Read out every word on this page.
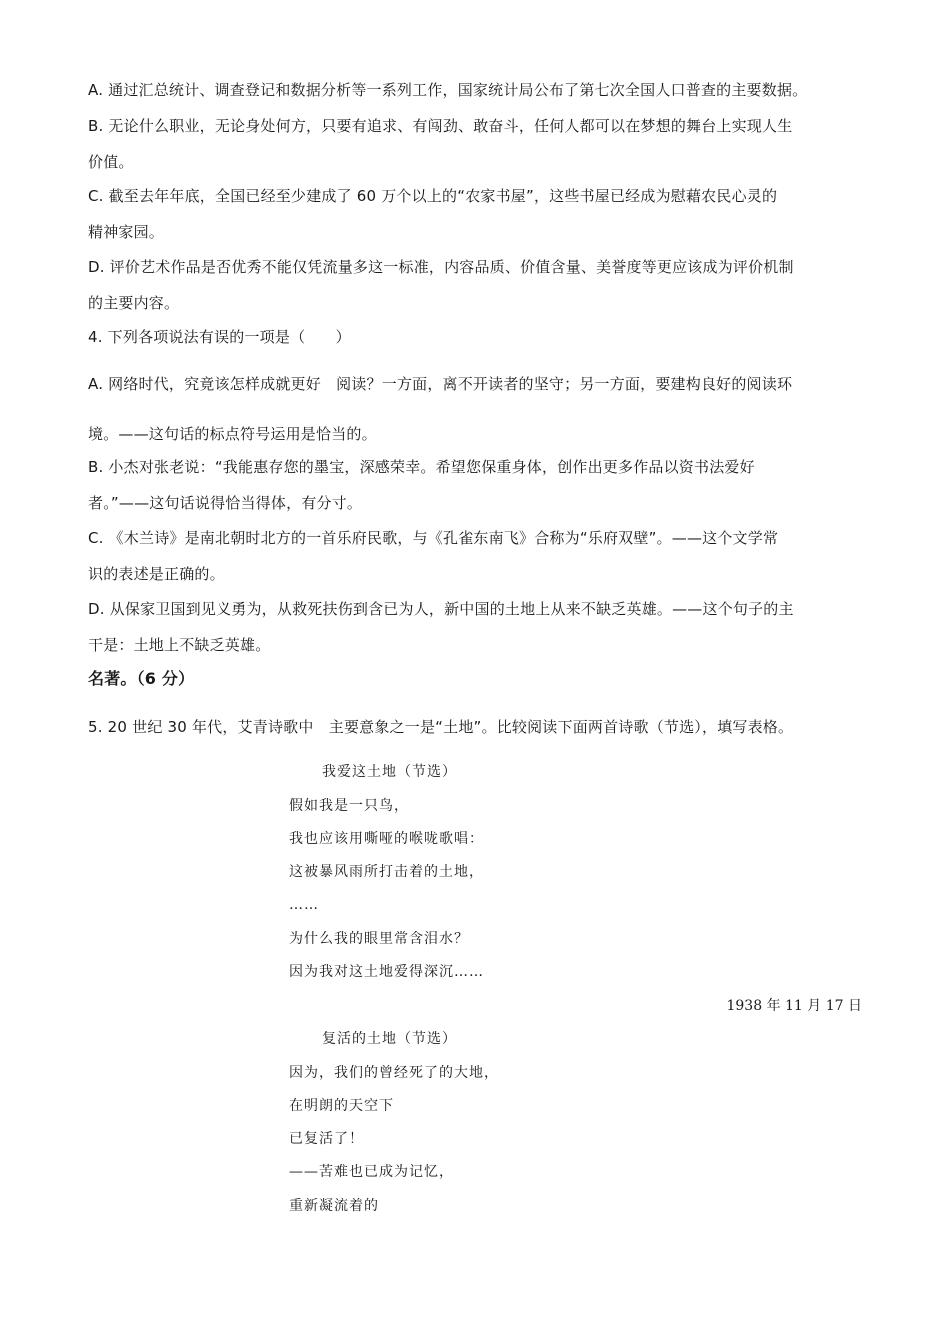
A. 通过汇总统计、调查登记和数据分析等一系列工作，国家统计局公布了第七次全国人口普查的主要数据。
B. 无论什么职业，无论身处何方，只要有追求、有闯劲、敢奋斗，任何人都可以在梦想的舞台上实现人生
价值。
C. 截至去年年底，全国已经至少建成了 60 万个以上的“农家书屋”，这些书屋已经成为慰藉农民心灵的
精神家园。
D. 评价艺术作品是否优秀不能仅凭流量多这一标准，内容品质、价值含量、美誉度等更应该成为评价机制
的主要内容。
4. 下列各项说法有误的一项是（　　）
A. 网络时代，究竟该怎样成就更好　阅读？一方面，离不开读者的坚守；另一方面，要建构良好的阅读环
境。——这句话的标点符号运用是恰当的。
B. 小杰对张老说：“我能惠存您的墨宝，深感荣幸。希望您保重身体，创作出更多作品以资书法爱好
者。”——这句话说得恰当得体，有分寸。
C. 《木兰诗》是南北朝时北方的一首乐府民歌，与《孔雀东南飞》合称为“乐府双壁”。——这个文学常
识的表述是正确的。
D. 从保家卫国到见义勇为，从救死扶伤到含已为人，新中国的土地上从来不缺乏英雄。——这个句子的主
干是：土地上不缺乏英雄。
名著。（6 分）
5. 20 世纪 30 年代，艾青诗歌中　主要意象之一是“土地”。比较阅读下面两首诗歌（节选），填写表格。
我爱这土地（节选）
假如我是一只鸟，
我也应该用嘶哑的喉咙歌唱：
这被暴风雨所打击着的土地，
……
为什么我的眼里常含泪水？
因为我对这土地爱得深沉……
1938 年 11 月 17 日
复活的土地（节选）
因为，我们的曾经死了的大地，
在明朗的天空下
已复活了！
——苦难也已成为记忆，
重新凝流着的
